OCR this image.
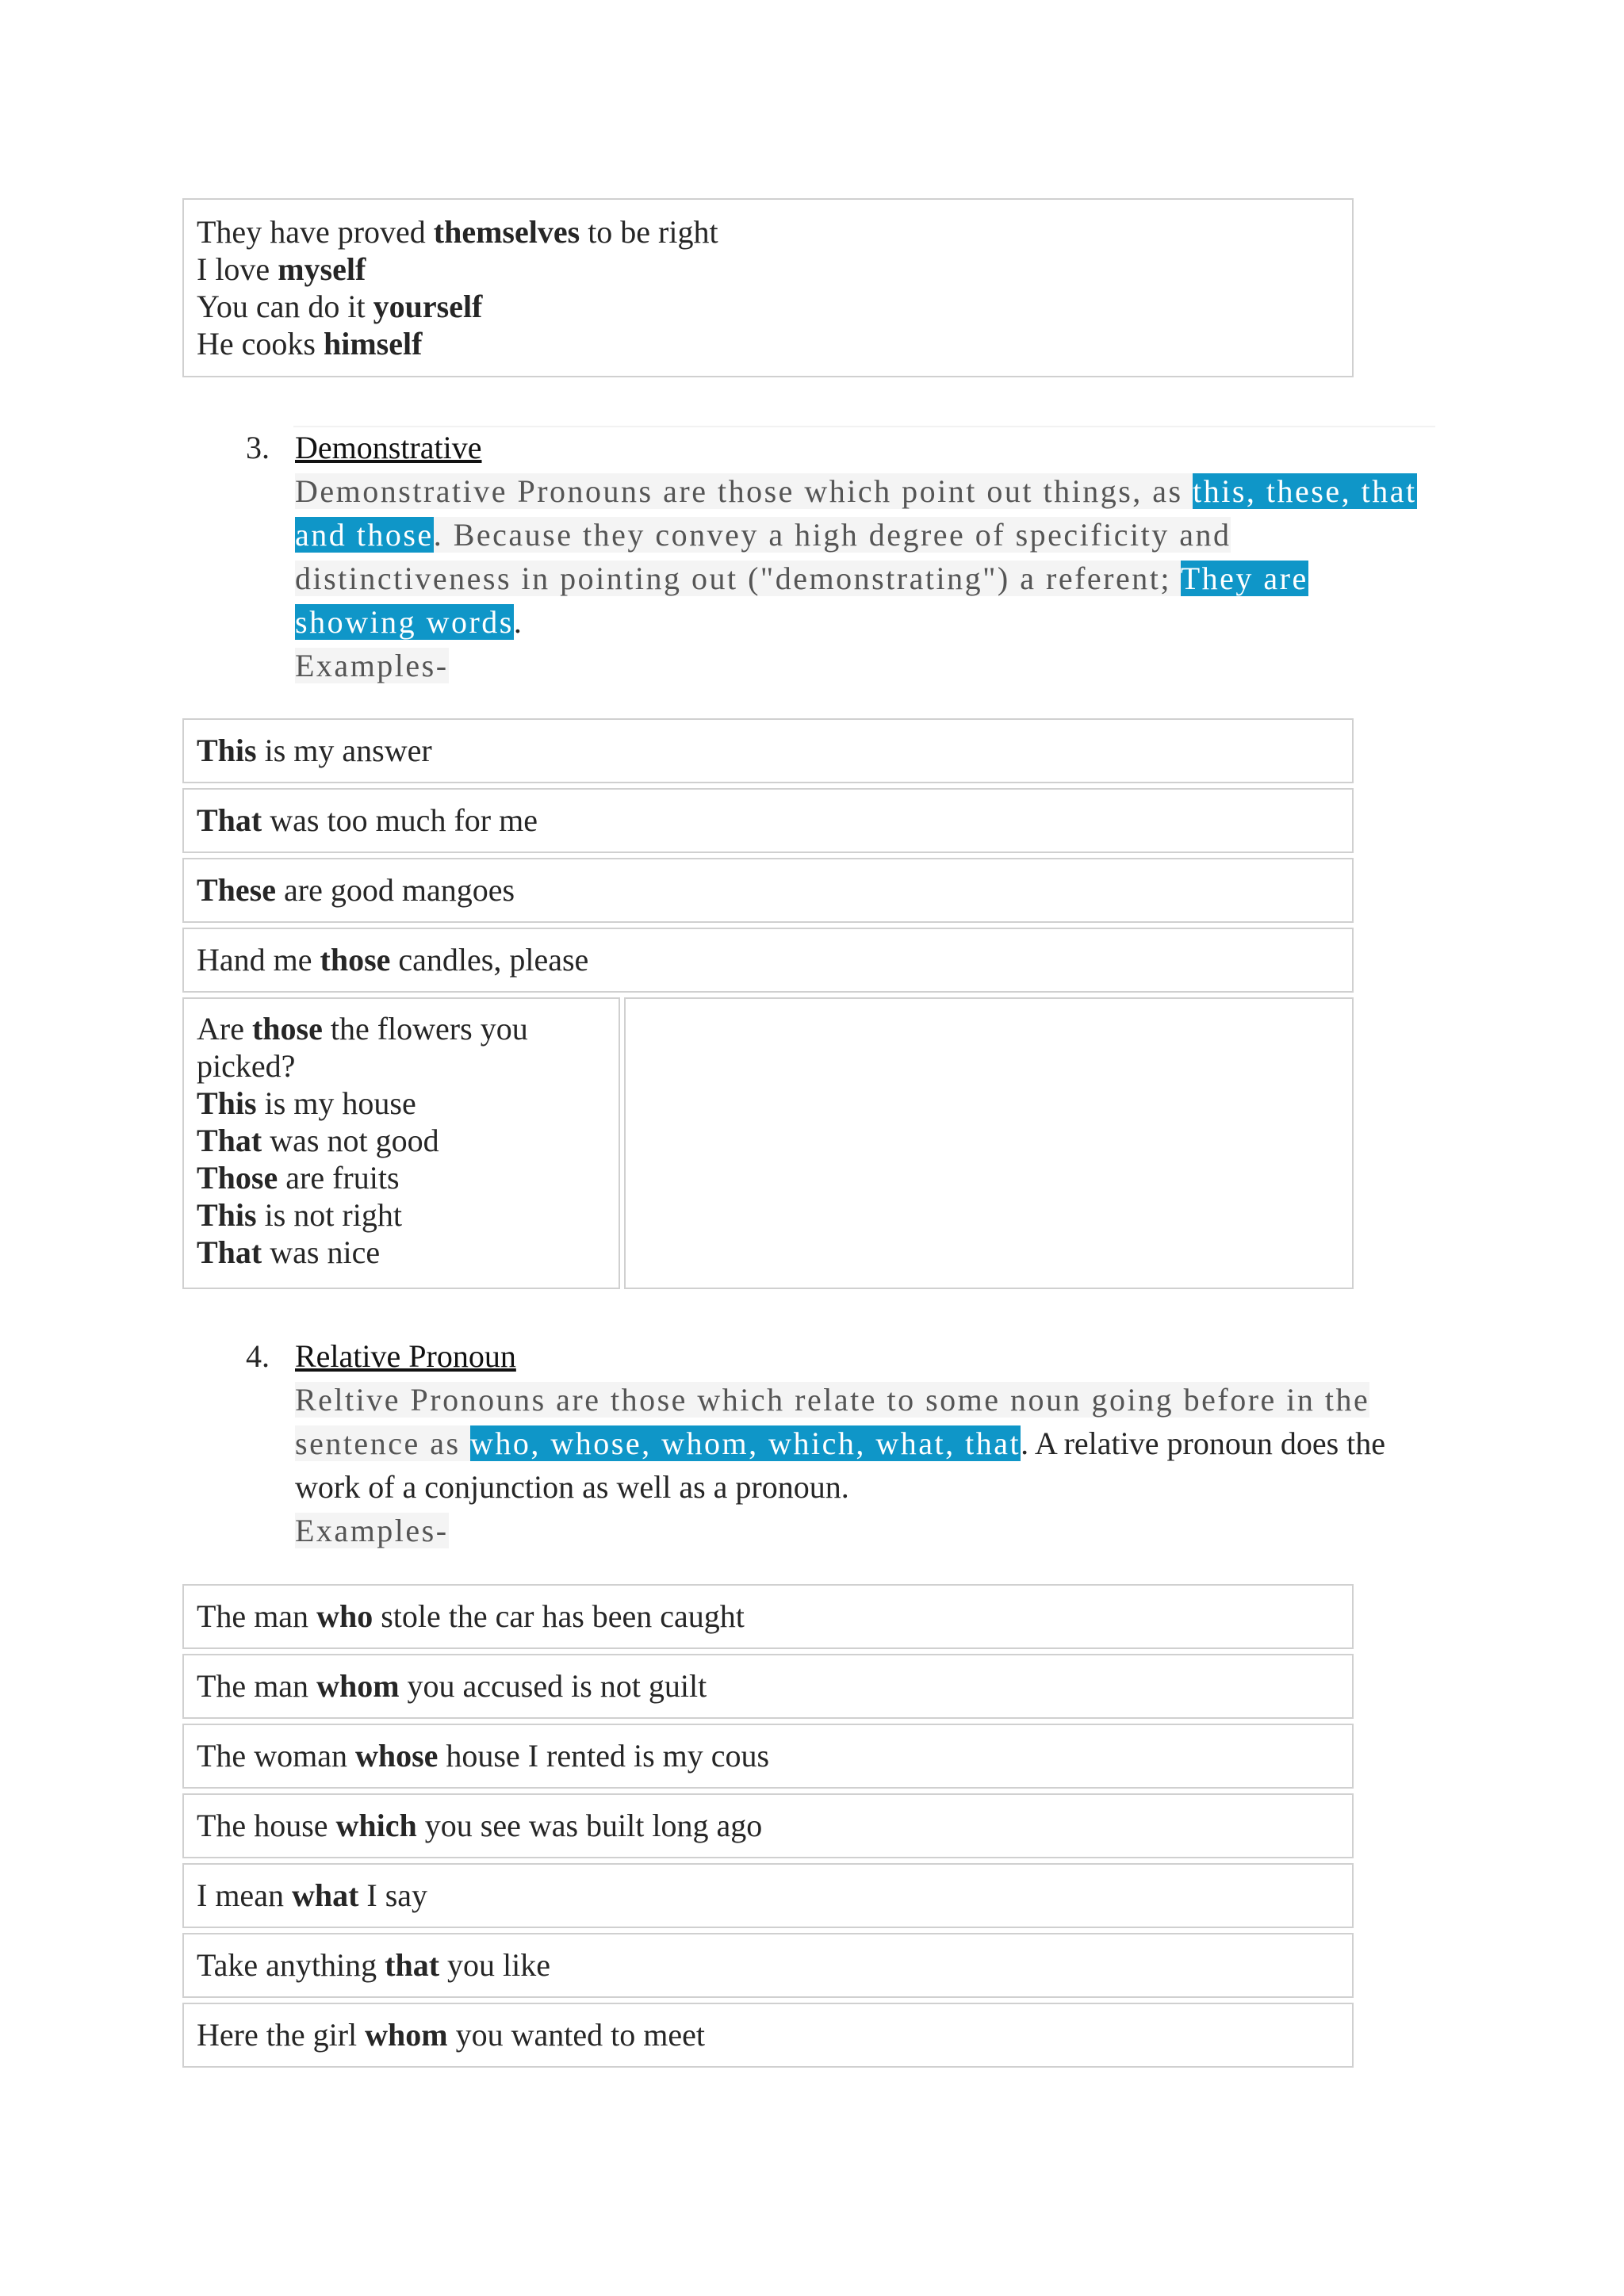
They have proved themselves to be right
I love myself
You can do it yourself
He cooks himself
3. Demonstrative
Demonstrative Pronouns are those which point out things, as this, these, that
and those. Because they convey a high degree of specificity and
distinctiveness in pointing out ("demonstrating") a referent; They are
showing words.
Examples-
This is my answer
That was too much for me
These are good mangoes
Hand me those candles, please
Are those the flowers you
picked?
This is my house
That was not good
Those are fruits
This is not right
That was nice
4. Relative Pronoun
Reltive Pronouns are those which relate to some noun going before in the
sentence as who, whose, whom, which, what, that. A relative pronoun does the
work of a conjunction as well as a pronoun.
Examples-
The man who stole the car has been caught
The man whom you accused is not guilt
The woman whose house I rented is my cous
The house which you see was built long ago
I mean what I say
Take anything that you like
Here the girl whom you wanted to meet
